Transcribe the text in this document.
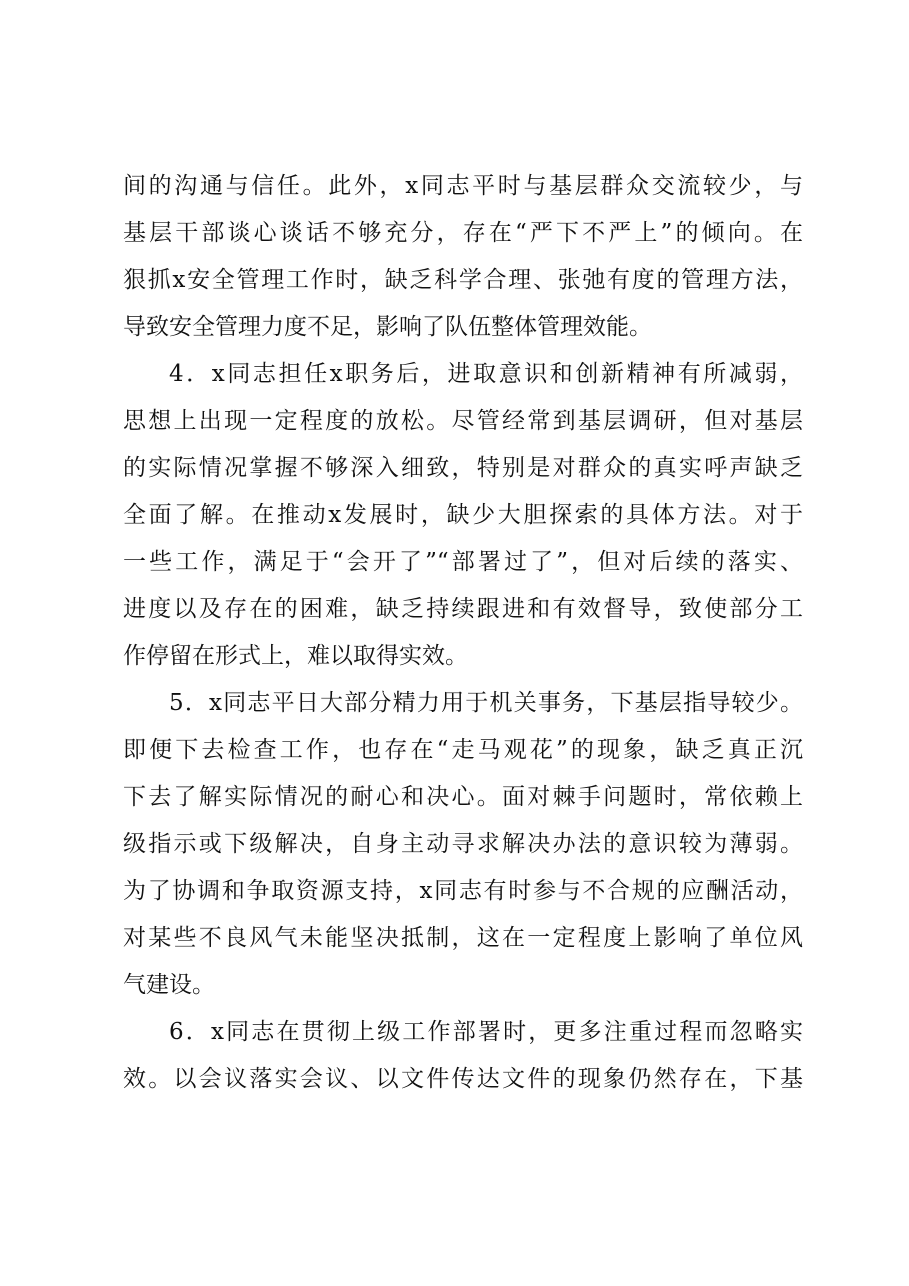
间的沟通与信任。此外，x同志平时与基层群众交流较少，与
基层干部谈心谈话不够充分，存在“严下不严上”的倾向。在
狠抓x安全管理工作时，缺乏科学合理、张弛有度的管理方法，
导致安全管理力度不足，影响了队伍整体管理效能。
4．x同志担任x职务后，进取意识和创新精神有所减弱，
思想上出现一定程度的放松。尽管经常到基层调研，但对基层
的实际情况掌握不够深入细致，特别是对群众的真实呼声缺乏
全面了解。在推动x发展时，缺少大胆探索的具体方法。对于
一些工作，满足于“会开了”“部署过了”，但对后续的落实、
进度以及存在的困难，缺乏持续跟进和有效督导，致使部分工
作停留在形式上，难以取得实效。
5．x同志平日大部分精力用于机关事务，下基层指导较少。
即便下去检查工作，也存在“走马观花”的现象，缺乏真正沉
下去了解实际情况的耐心和决心。面对棘手问题时，常依赖上
级指示或下级解决，自身主动寻求解决办法的意识较为薄弱。
为了协调和争取资源支持，x同志有时参与不合规的应酬活动，
对某些不良风气未能坚决抵制，这在一定程度上影响了单位风
气建设。
6．x同志在贯彻上级工作部署时，更多注重过程而忽略实
效。以会议落实会议、以文件传达文件的现象仍然存在，下基
